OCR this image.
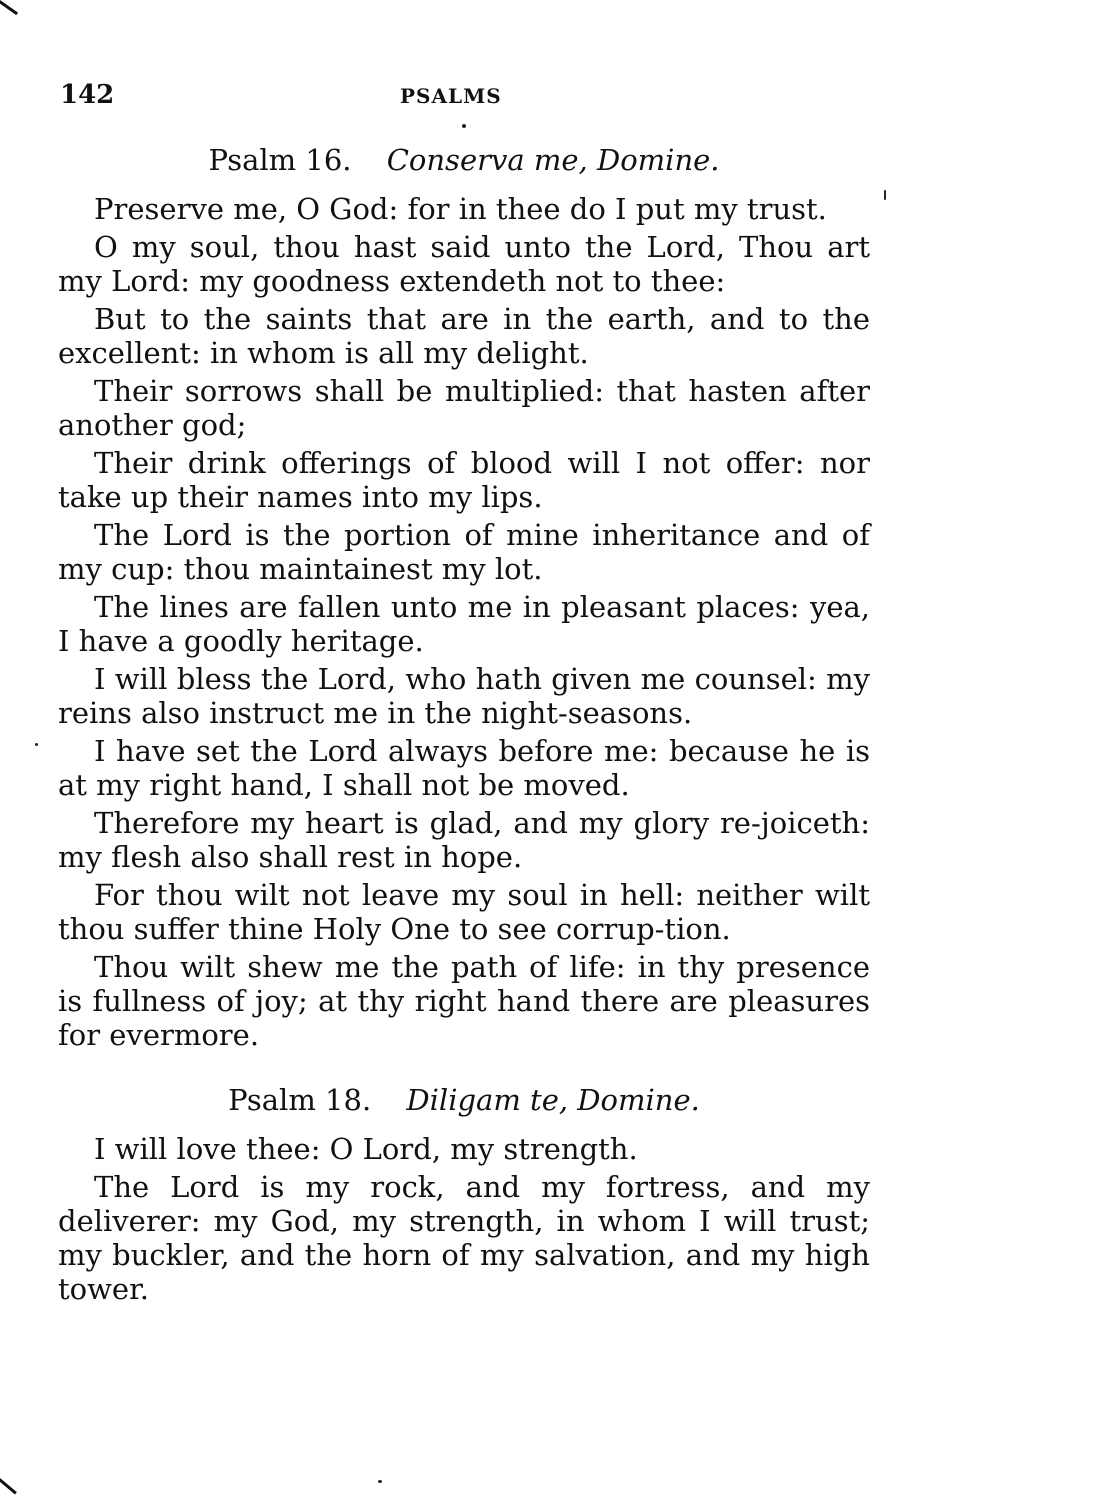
142	PSALMS

Psalm 16. Conserva me, Domine.

Preserve me, O God: for in thee do I put my trust.

O my soul, thou hast said unto the Lord, Thou art my Lord: my goodness extendeth not to thee:

But to the saints that are in the earth, and to the excellent: in whom is all my delight.

Their sorrows shall be multiplied: that hasten after another god;

Their drink offerings of blood will I not offer: nor take up their names into my lips.

The Lord is the portion of mine inheritance and of my cup: thou maintainest my lot.

The lines are fallen unto me in pleasant places: yea, I have a goodly heritage.

I will bless the Lord, who hath given me counsel: my reins also instruct me in the night-seasons.

I have set the Lord always before me: because he is at my right hand, I shall not be moved.

Therefore my heart is glad, and my glory re-joiceth: my flesh also shall rest in hope.

For thou wilt not leave my soul in hell: neither wilt thou suffer thine Holy One to see corrup-tion.

Thou wilt shew me the path of life: in thy presence is fullness of joy; at thy right hand there are pleasures for evermore.

Psalm 18. Diligam te, Domine.

I will love thee: O Lord, my strength.

The Lord is my rock, and my fortress, and my deliverer: my God, my strength, in whom I will trust; my buckler, and the horn of my salvation, and my high tower.
